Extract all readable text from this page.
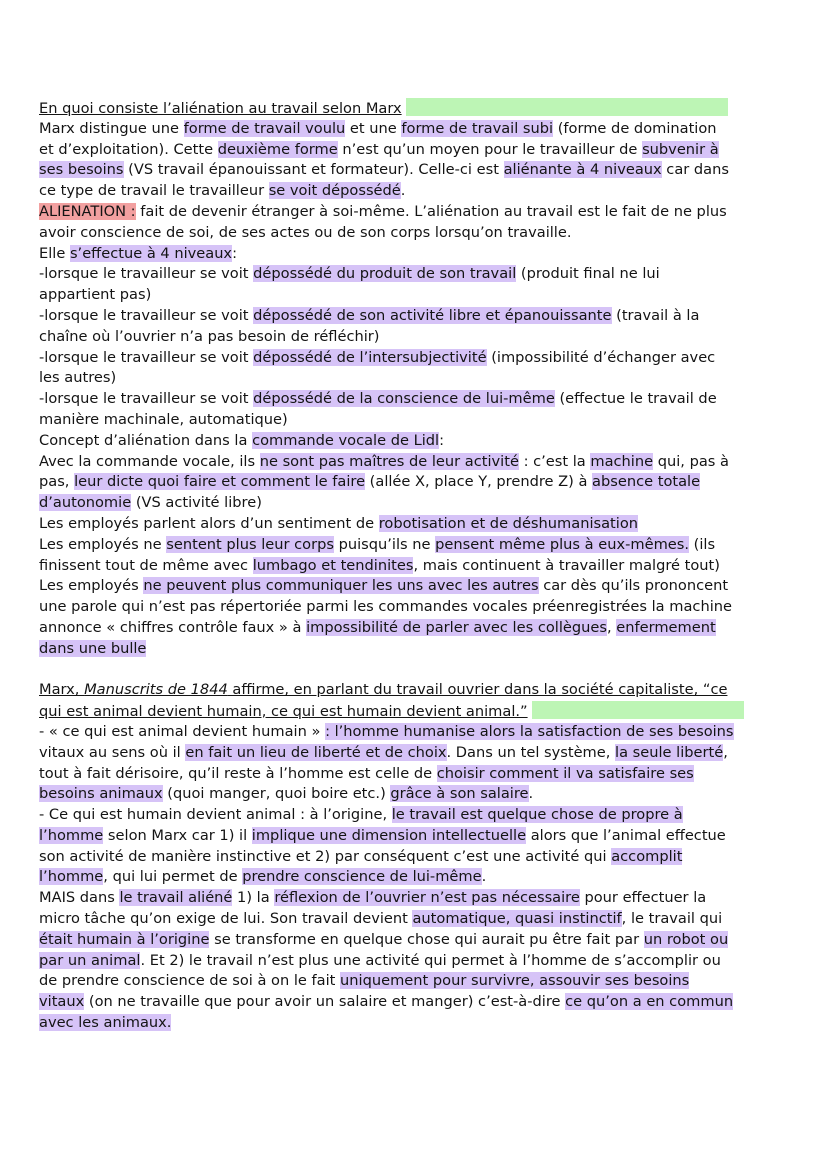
En quoi consiste l’aliénation au travail selon Marx
Marx distingue une forme de travail voulu et une forme de travail subi (forme de domination
et d’exploitation). Cette deuxième forme n’est qu’un moyen pour le travailleur de subvenir à
ses besoins (VS travail épanouissant et formateur). Celle-ci est aliénante à 4 niveaux car dans
ce type de travail le travailleur se voit dépossédé.
ALIENATION : fait de devenir étranger à soi-même. L’aliénation au travail est le fait de ne plus
avoir conscience de soi, de ses actes ou de son corps lorsqu’on travaille.
Elle s’effectue à 4 niveaux:
-lorsque le travailleur se voit dépossédé du produit de son travail (produit final ne lui
appartient pas)
-lorsque le travailleur se voit dépossédé de son activité libre et épanouissante (travail à la
chaîne où l’ouvrier n’a pas besoin de réfléchir)
-lorsque le travailleur se voit dépossédé de l’intersubjectivité (impossibilité d’échanger avec
les autres)
-lorsque le travailleur se voit dépossédé de la conscience de lui-même (effectue le travail de
manière machinale, automatique)
Concept d’aliénation dans la commande vocale de Lidl:
Avec la commande vocale, ils ne sont pas maîtres de leur activité : c’est la machine qui, pas à
pas, leur dicte quoi faire et comment le faire (allée X, place Y, prendre Z) à absence totale
d’autonomie (VS activité libre)
Les employés parlent alors d’un sentiment de robotisation et de déshumanisation
Les employés ne sentent plus leur corps puisqu’ils ne pensent même plus à eux-mêmes. (ils
finissent tout de même avec lumbago et tendinites, mais continuent à travailler malgré tout)
Les employés ne peuvent plus communiquer les uns avec les autres car dès qu’ils prononcent
une parole qui n’est pas répertoriée parmi les commandes vocales préenregistrées la machine
annonce « chiffres contrôle faux » à impossibilité de parler avec les collègues, enfermement
dans une bulle
Marx, Manuscrits de 1844 affirme, en parlant du travail ouvrier dans la société capitaliste, “ce
qui est animal devient humain, ce qui est humain devient animal.”
- « ce qui est animal devient humain » : l’homme humanise alors la satisfaction de ses besoins
vitaux au sens où il en fait un lieu de liberté et de choix. Dans un tel système, la seule liberté,
tout à fait dérisoire, qu’il reste à l’homme est celle de choisir comment il va satisfaire ses
besoins animaux (quoi manger, quoi boire etc.) grâce à son salaire.
- Ce qui est humain devient animal : à l’origine, le travail est quelque chose de propre à
l’homme selon Marx car 1) il implique une dimension intellectuelle alors que l’animal effectue
son activité de manière instinctive et 2) par conséquent c’est une activité qui accomplit
l’homme, qui lui permet de prendre conscience de lui-même.
MAIS dans le travail aliéné 1) la réflexion de l’ouvrier n’est pas nécessaire pour effectuer la
micro tâche qu’on exige de lui. Son travail devient automatique, quasi instinctif, le travail qui
était humain à l’origine se transforme en quelque chose qui aurait pu être fait par un robot ou
par un animal. Et 2) le travail n’est plus une activité qui permet à l’homme de s’accomplir ou
de prendre conscience de soi à on le fait uniquement pour survivre, assouvir ses besoins
vitaux (on ne travaille que pour avoir un salaire et manger) c’est-à-dire ce qu’on a en commun
avec les animaux.
